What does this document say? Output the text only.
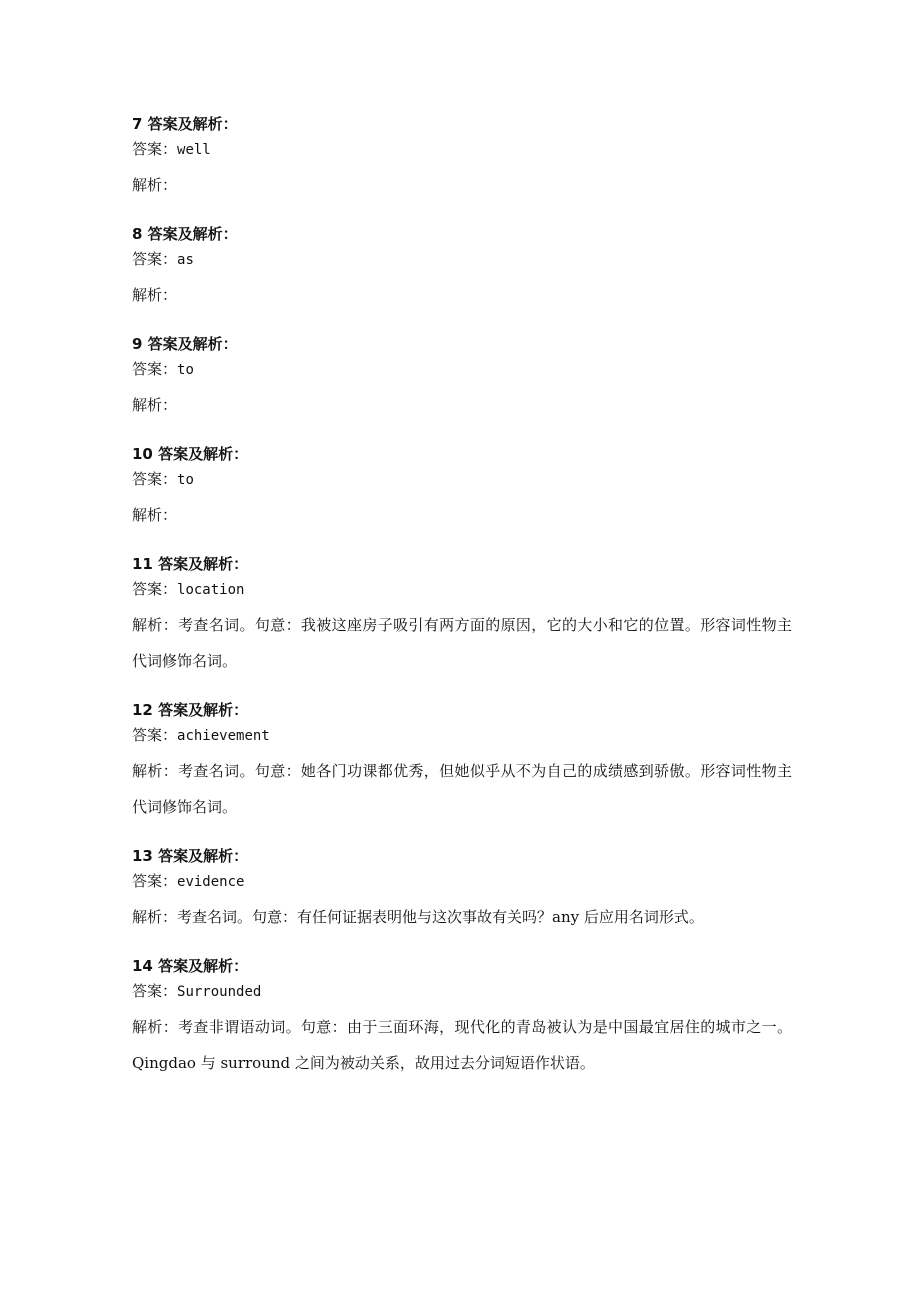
7 答案及解析：

答案：well

解析：

8 答案及解析：

答案：as

解析：

9 答案及解析：

答案：to

解析：

10 答案及解析：

答案：to

解析：

11 答案及解析：

答案：location

解析：考查名词。句意：我被这座房子吸引有两方面的原因，它的大小和它的位置。形容词性物主代词修饰名词。

12 答案及解析：

答案：achievement

解析：考查名词。句意：她各门功课都优秀，但她似乎从不为自己的成绩感到骄傲。形容词性物主代词修饰名词。

13 答案及解析：

答案：evidence

解析：考查名词。句意：有任何证据表明他与这次事故有关吗？any 后应用名词形式。

14 答案及解析：

答案：Surrounded

解析：考查非谓语动词。句意：由于三面环海，现代化的青岛被认为是中国最宜居住的城市之一。Qingdao 与 surround 之间为被动关系，故用过去分词短语作状语。
